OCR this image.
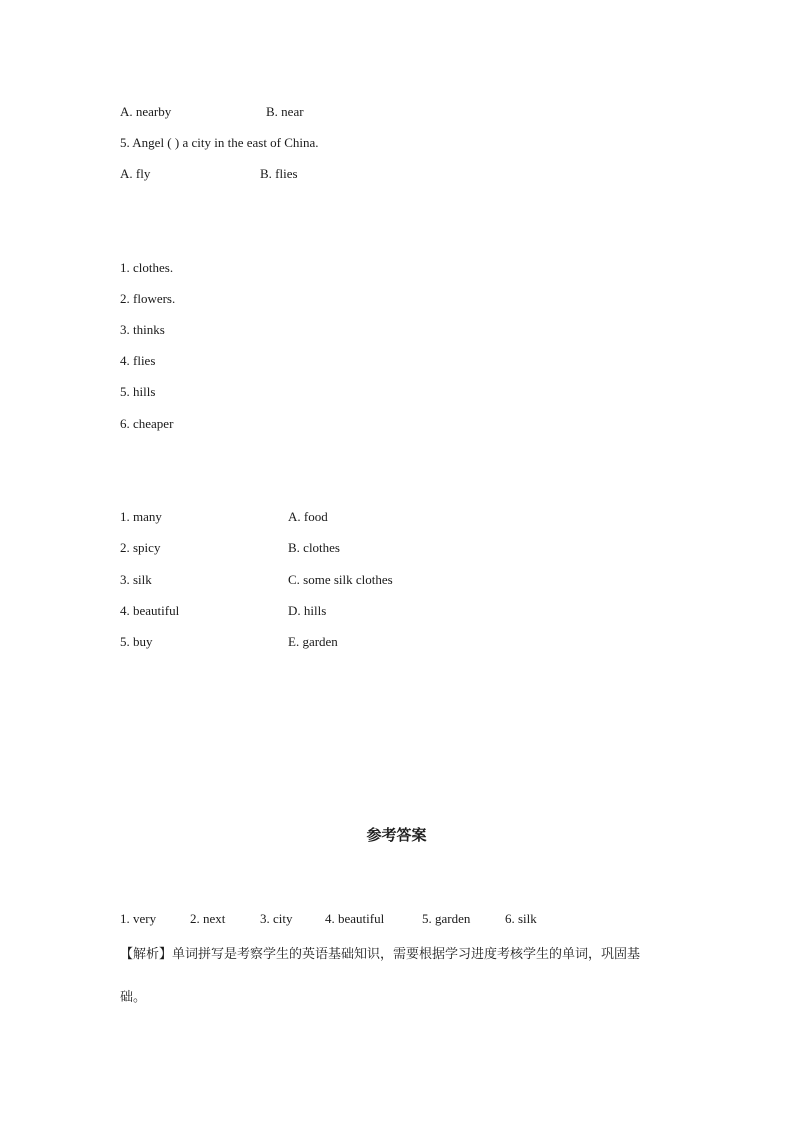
A. nearby	B. near
5. Angel ( ) a city in the east of China.
A. fly	B. flies
1. clothes.
2. flowers.
3. thinks
4. flies
5. hills
6. cheaper
1. many	A. food
2. spicy	B. clothes
3. silk	C. some silk clothes
4. beautiful	D. hills
5. buy	E. garden
参考答案
1. very	2. next	3. city	4. beautiful	5. garden	6. silk
【解析】单词拼写是考察学生的英语基础知识，需要根据学习进度考核学生的单词，巩固基
础。
